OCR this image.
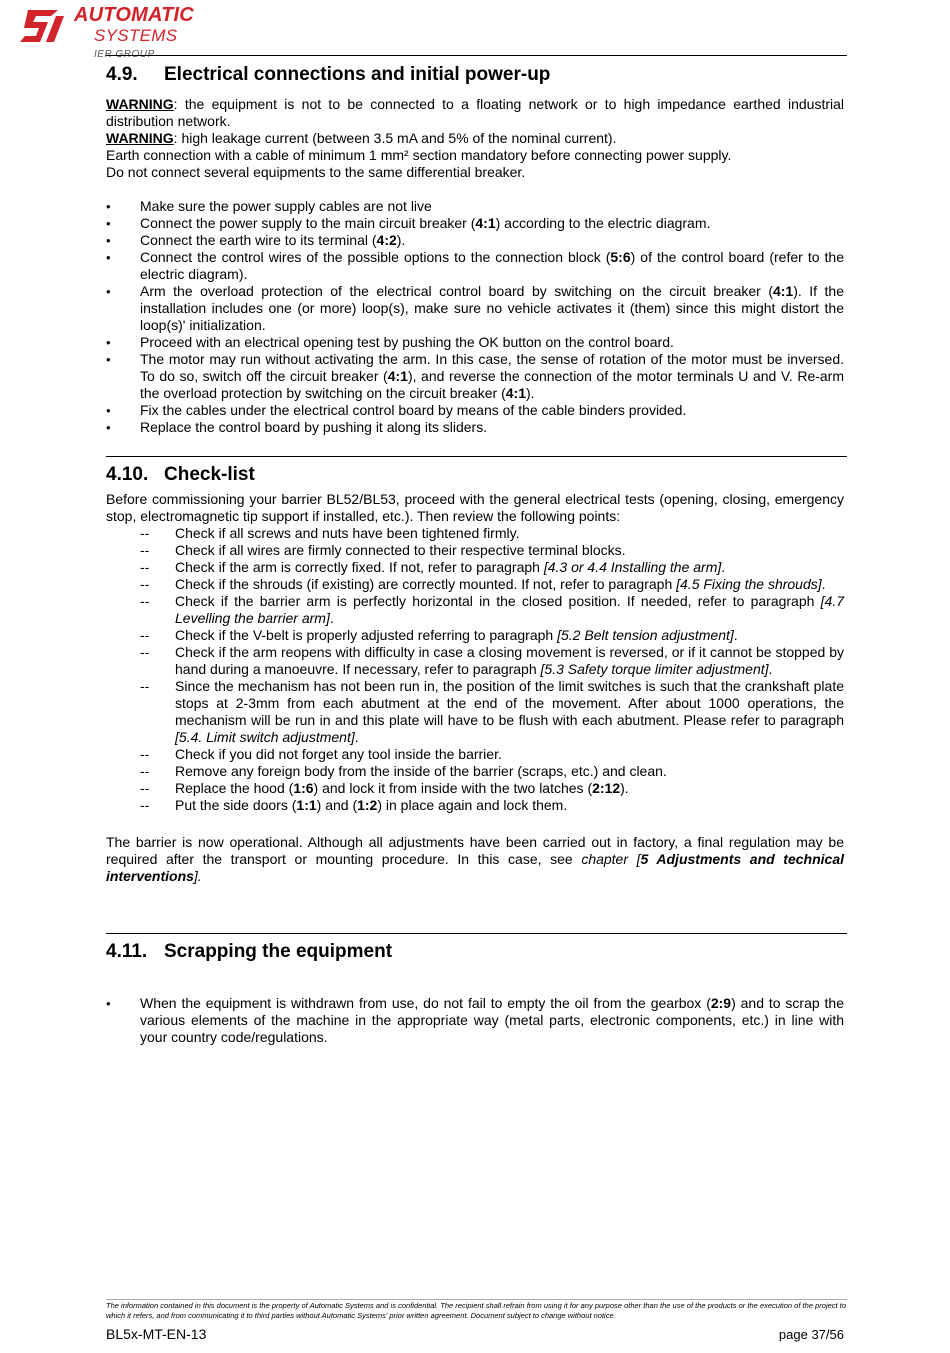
AUTOMATIC
SYSTEMS
IER GROUP
4.9. Electrical connections and initial power-up

WARNING: the equipment is not to be connected to a floating network or to high impedance earthed industrial distribution network.

WARNING: high leakage current (between 3.5 mA and 5% of the nominal current).

Earth connection with a cable of minimum 1 mm² section mandatory before connecting power supply.

Do not connect several equipments to the same differential breaker.

• Make sure the power supply cables are not live
• Connect the power supply to the main circuit breaker (4:1) according to the electric diagram.
• Connect the earth wire to its terminal (4:2).
• Connect the control wires of the possible options to the connection block (5:6) of the control board (refer to the electric diagram).
• Arm the overload protection of the electrical control board by switching on the circuit breaker (4:1). If the installation includes one (or more) loop(s), make sure no vehicle activates it (them) since this might distort the loop(s)' initialization.
• Proceed with an electrical opening test by pushing the OK button on the control board.
• The motor may run without activating the arm. In this case, the sense of rotation of the motor must be inversed. To do so, switch off the circuit breaker (4:1), and reverse the connection of the motor terminals U and V. Re-arm the overload protection by switching on the circuit breaker (4:1).
• Fix the cables under the electrical control board by means of the cable binders provided.
• Replace the control board by pushing it along its sliders.
4.10. Check-list

Before commissioning your barrier BL52/BL53, proceed with the general electrical tests (opening, closing, emergency stop, electromagnetic tip support if installed, etc.). Then review the following points:

-- Check if all screws and nuts have been tightened firmly.
-- Check if all wires are firmly connected to their respective terminal blocks.
-- Check if the arm is correctly fixed. If not, refer to paragraph [4.3 or 4.4 Installing the arm].
-- Check if the shrouds (if existing) are correctly mounted. If not, refer to paragraph [4.5 Fixing the shrouds].
-- Check if the barrier arm is perfectly horizontal in the closed position. If needed, refer to paragraph [4.7 Levelling the barrier arm].
-- Check if the V-belt is properly adjusted referring to paragraph [5.2 Belt tension adjustment].
-- Check if the arm reopens with difficulty in case a closing movement is reversed, or if it cannot be stopped by hand during a manoeuvre. If necessary, refer to paragraph [5.3 Safety torque limiter adjustment].
-- Since the mechanism has not been run in, the position of the limit switches is such that the crankshaft plate stops at 2-3mm from each abutment at the end of the movement. After about 1000 operations, the mechanism will be run in and this plate will have to be flush with each abutment. Please refer to paragraph [5.4. Limit switch adjustment].
-- Check if you did not forget any tool inside the barrier.
-- Remove any foreign body from the inside of the barrier (scraps, etc.) and clean.
-- Replace the hood (1:6) and lock it from inside with the two latches (2:12).
-- Put the side doors (1:1) and (1:2) in place again and lock them.

The barrier is now operational. Although all adjustments have been carried out in factory, a final regulation may be required after the transport or mounting procedure. In this case, see chapter [5 Adjustments and technical interventions].

4.11. Scrapping the equipment
• When the equipment is withdrawn from use, do not fail to empty the oil from the gearbox (2:9) and to scrap the various elements of the machine in the appropriate way (metal parts, electronic components, etc.) in line with your country code/regulations.
The information contained in this document is the property of Automatic Systems and is confidential. The recipient shall refrain from using it for any purpose other than the use of the products or the execution of the project to which it refers, and from communicating it to third parties without Automatic Systems' prior written agreement. Document subject to change without notice.
BL5x-MT-EN-13	page 37/56
